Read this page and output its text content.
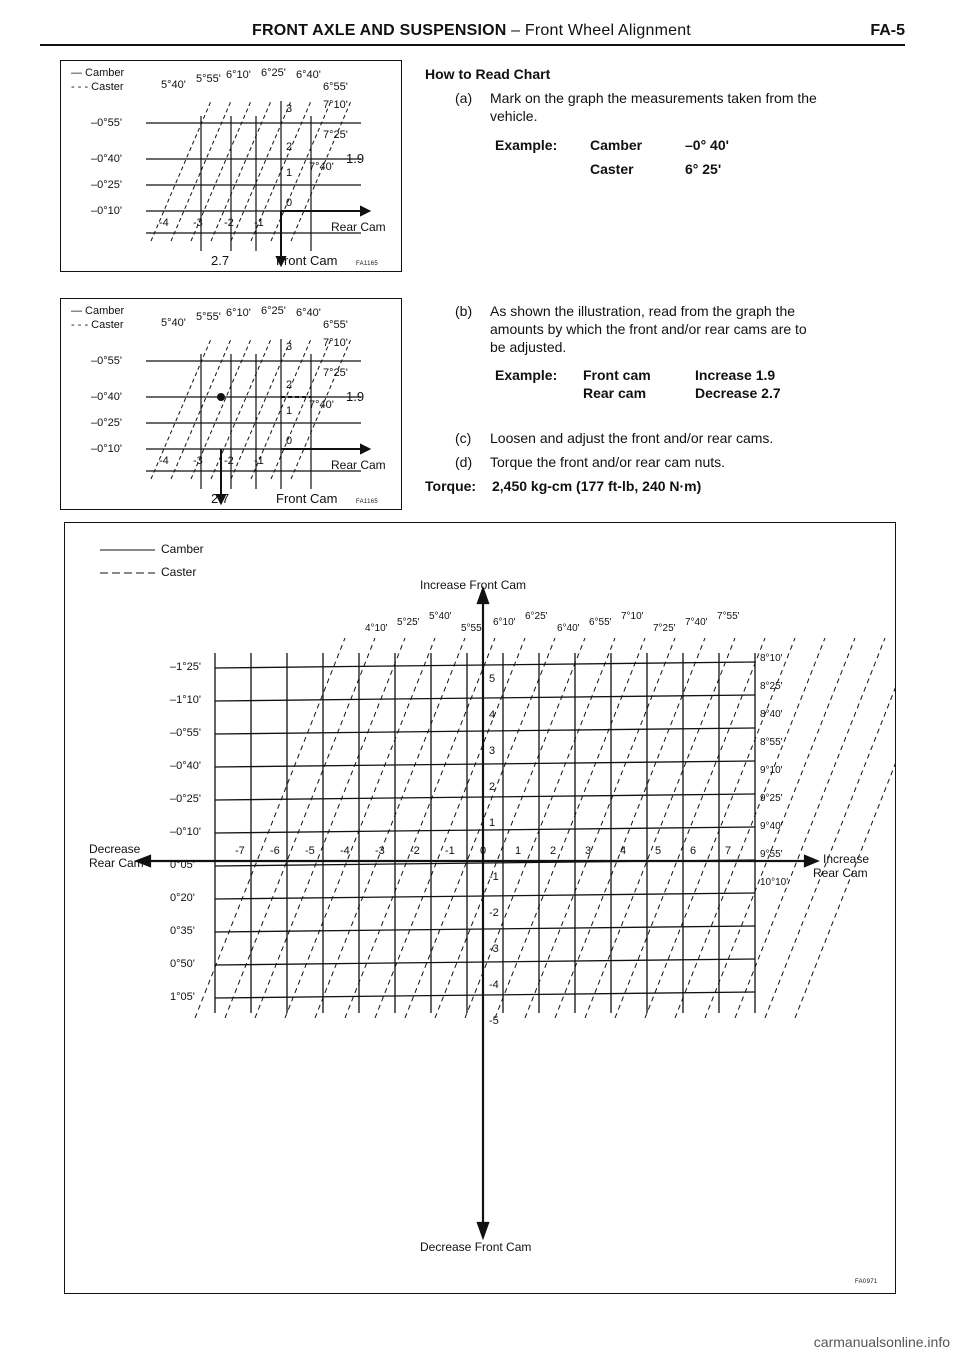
FRONT AXLE AND SUSPENSION – Front Wheel Alignment	FA-5
— Camber
- - - Caster
–0°55'
–0°40'
–0°25'
–0°10'
5°40' 5°55' 6°10' 6°25' 6°40'
6°55'
7°10'
7°25'
7°40'
3
2
1
0
-4 -3 -2 -1
1.9
Rear Cam
2.7	Front Cam	FA1165
— Camber
- - - Caster
–0°55'
–0°40'
–0°25'
–0°10'
5°40' 5°55' 6°10' 6°25' 6°40'
6°55'
7°10'
7°25'
7°40'
3
2
1
0
-4 -3 -2 -1
1.9
Rear Cam
2.7	Front Cam	FA1165
How to Read Chart
(a) Mark on the graph the measurements taken from the
vehicle.
Example: Camber	–0° 40'
Caster	6° 25'
(b) As shown the illustration, read from the graph the
amounts by which the front and/or rear cams are to
be adjusted.
Example: Front cam	Increase 1.9
Rear cam	Decrease 2.7
(c) Loosen and adjust the front and/or rear cams.
(d) Torque the front and/or rear cam nuts.
Torque: 2,450 kg-cm (177 ft-lb, 240 N·m)
Camber
Caster
Increase Front Cam
Decrease Front Cam
Decrease
Rear Cam	Increase
Rear Cam
–1°25'
–1°10'
–0°55'
–0°40'
–0°25'
–0°10'
0°05'
0°20'
0°35'
0°50'
1°05'
-7 -6 -5 -4 -3 -2 -1 0	1	2	3	4	5	6	7
5
4
3
2
1
-1
-2
-3
-4
-5
4°10'
5°25'
5°40'
5°55'
6°10'
6°25'
6°40'
6°55'
7°10'
7°25'
7°40'
7°55'
8°10'
8°25'
8°40'
8°55'
9°10'
9°25'
9°40'
9°55'
10°10'
FA0971
carmanualsonline.info
